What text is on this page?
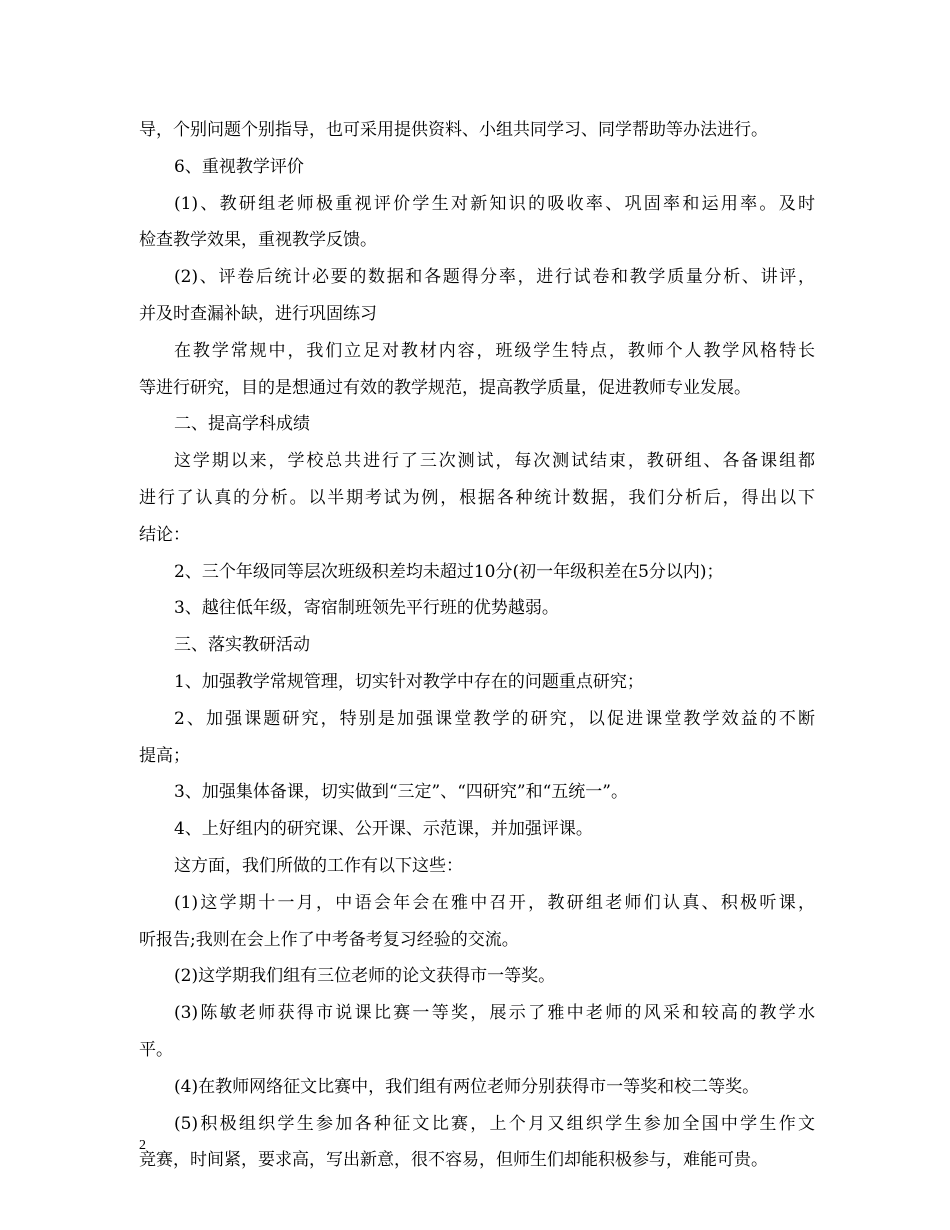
导，个别问题个别指导，也可采用提供资料、小组共同学习、同学帮助等办法进行。
6、重视教学评价
(1)、教研组老师极重视评价学生对新知识的吸收率、巩固率和运用率。及时
检查教学效果，重视教学反馈。
(2)、评卷后统计必要的数据和各题得分率，进行试卷和教学质量分析、讲评，
并及时查漏补缺，进行巩固练习
在教学常规中，我们立足对教材内容，班级学生特点，教师个人教学风格特长
等进行研究，目的是想通过有效的教学规范，提高教学质量，促进教师专业发展。
二、提高学科成绩
这学期以来，学校总共进行了三次测试，每次测试结束，教研组、各备课组都
进行了认真的分析。以半期考试为例，根据各种统计数据，我们分析后，得出以下
结论：
2、三个年级同等层次班级积差均未超过10分(初一年级积差在5分以内)；
3、越往低年级，寄宿制班领先平行班的优势越弱。
三、落实教研活动
1、加强教学常规管理，切实针对教学中存在的问题重点研究；
2、加强课题研究，特别是加强课堂教学的研究，以促进课堂教学效益的不断
提高；
3、加强集体备课，切实做到“三定”、“四研究”和“五统一”。
4、上好组内的研究课、公开课、示范课，并加强评课。
这方面，我们所做的工作有以下这些：
(1)这学期十一月，中语会年会在雅中召开，教研组老师们认真、积极听课，
听报告;我则在会上作了中考备考复习经验的交流。
(2)这学期我们组有三位老师的论文获得市一等奖。
(3)陈敏老师获得市说课比赛一等奖，展示了雅中老师的风采和较高的教学水
平。
(4)在教师网络征文比赛中，我们组有两位老师分别获得市一等奖和校二等奖。
(5)积极组织学生参加各种征文比赛，上个月又组织学生参加全国中学生作文
竞赛，时间紧，要求高，写出新意，很不容易，但师生们却能积极参与，难能可贵。
2
